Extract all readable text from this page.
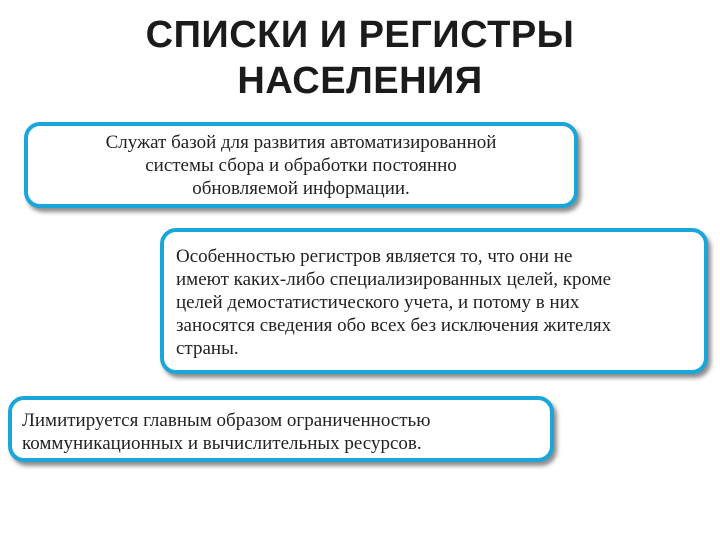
СПИСКИ И РЕГИСТРЫ
НАСЕЛЕНИЯ
Служат базой для развития автоматизированной
системы сбора и обработки постоянно
обновляемой информации.
Особенностью регистров является то, что они не
имеют каких-либо специализированных целей, кроме
целей демостатистического учета, и потому в них
заносятся сведения обо всех без исключения жителях
страны.
Лимитируется главным образом ограниченностью
коммуникационных и вычислительных ресурсов.
